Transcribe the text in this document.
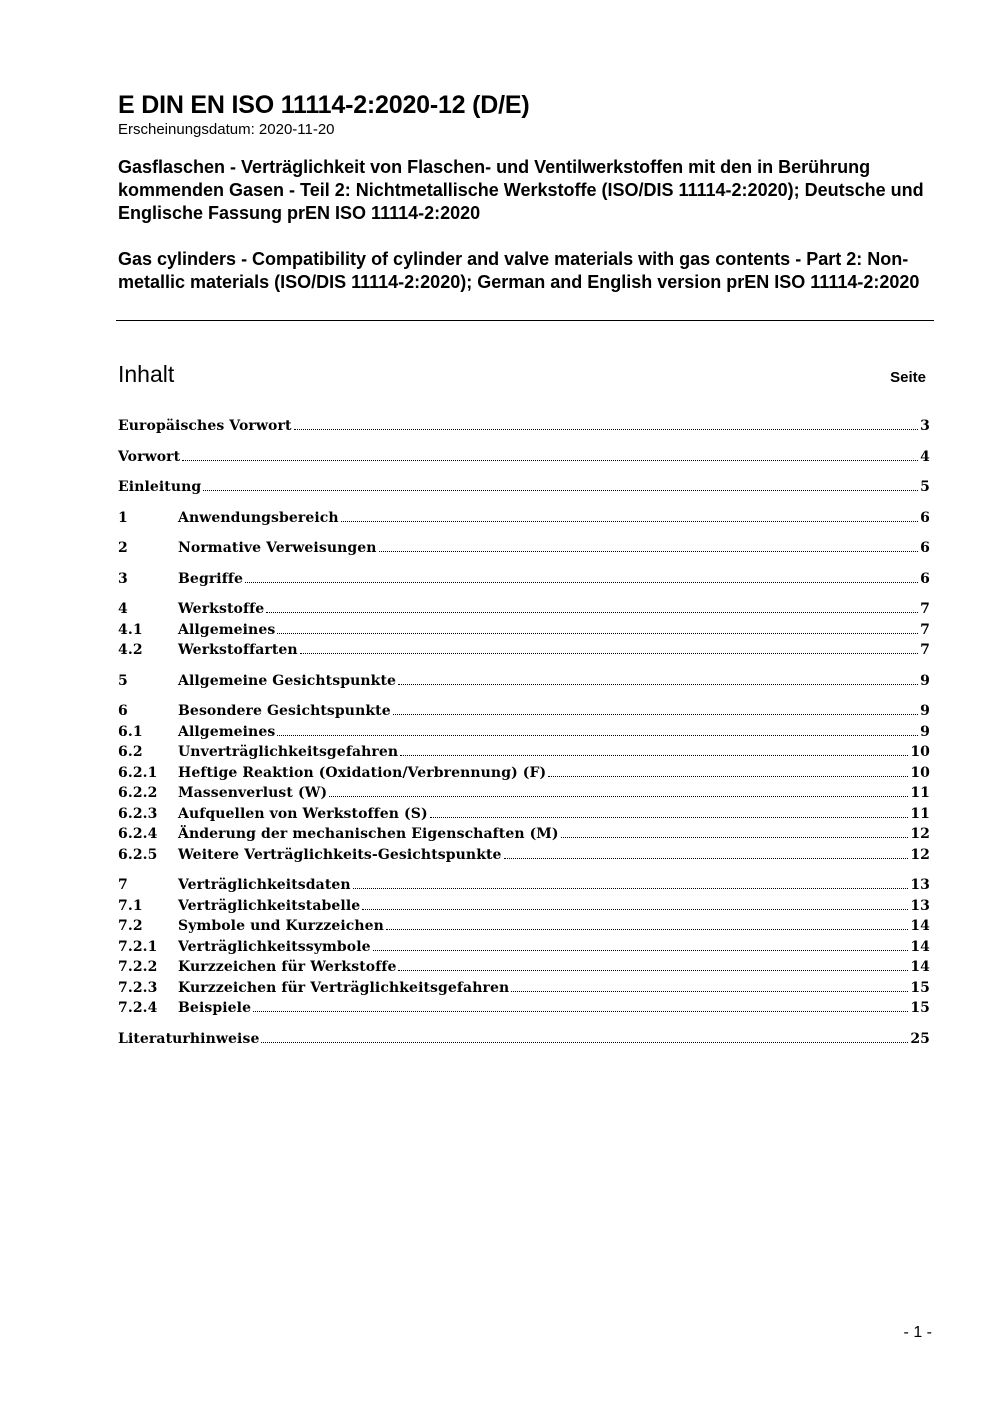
E DIN EN ISO 11114-2:2020-12 (D/E)
Erscheinungsdatum: 2020-11-20

Gasflaschen - Verträglichkeit von Flaschen- und Ventilwerkstoffen mit den in Berührung kommenden Gasen - Teil 2: Nichtmetallische Werkstoffe (ISO/DIS 11114-2:2020); Deutsche und Englische Fassung prEN ISO 11114-2:2020

Gas cylinders - Compatibility of cylinder and valve materials with gas contents - Part 2: Non-metallic materials (ISO/DIS 11114-2:2020); German and English version prEN ISO 11114-2:2020

Inhalt	Seite
Europäisches Vorwort	3
Vorwort	4
Einleitung	5
1	Anwendungsbereich	6
2	Normative Verweisungen	6
3	Begriffe	6
4	Werkstoffe	7
4.1	Allgemeines	7
4.2	Werkstoffarten	7
5	Allgemeine Gesichtspunkte	9
6	Besondere Gesichtspunkte	9
6.1	Allgemeines	9
6.2	Unverträglichkeitsgefahren	10
6.2.1	Heftige Reaktion (Oxidation/Verbrennung) (F)	10
6.2.2	Massenverlust (W)	11
6.2.3	Aufquellen von Werkstoffen (S)	11
6.2.4	Änderung der mechanischen Eigenschaften (M)	12
6.2.5	Weitere Verträglichkeits-Gesichtspunkte	12
7	Verträglichkeitsdaten	13
7.1	Verträglichkeitstabelle	13
7.2	Symbole und Kurzzeichen	14
7.2.1	Verträglichkeitssymbole	14
7.2.2	Kurzzeichen für Werkstoffe	14
7.2.3	Kurzzeichen für Verträglichkeitsgefahren	15
7.2.4	Beispiele	15
Literaturhinweise	25
- 1 -
